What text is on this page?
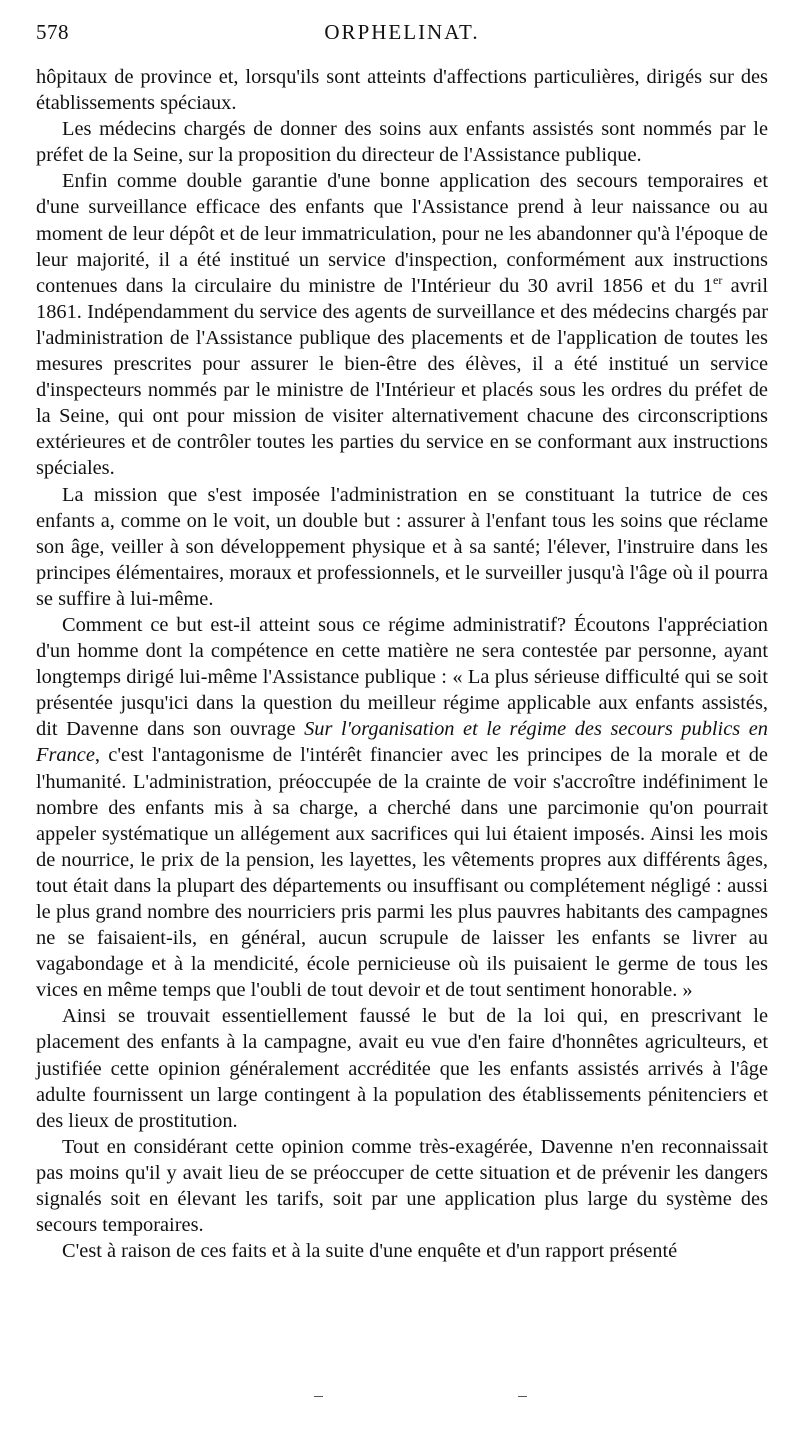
578	ORPHELINAT.

hôpitaux de province et, lorsqu'ils sont atteints d'affections particulières, dirigés sur des établissements spéciaux.

Les médecins chargés de donner des soins aux enfants assistés sont nommés par le préfet de la Seine, sur la proposition du directeur de l'Assistance publique.

Enfin comme double garantie d'une bonne application des secours temporaires et d'une surveillance efficace des enfants que l'Assistance prend à leur naissance ou au moment de leur dépôt et de leur immatriculation, pour ne les abandonner qu'à l'époque de leur majorité, il a été institué un service d'inspection, conformément aux instructions contenues dans la circulaire du ministre de l'Intérieur du 30 avril 1856 et du 1er avril 1861. Indépendamment du service des agents de surveillance et des médecins chargés par l'administration de l'Assistance publique des placements et de l'application de toutes les mesures prescrites pour assurer le bien-être des élèves, il a été institué un service d'inspecteurs nommés par le ministre de l'Intérieur et placés sous les ordres du préfet de la Seine, qui ont pour mission de visiter alternativement chacune des circonscriptions extérieures et de contrôler toutes les parties du service en se conformant aux instructions spéciales.

La mission que s'est imposée l'administration en se constituant la tutrice de ces enfants a, comme on le voit, un double but : assurer à l'enfant tous les soins que réclame son âge, veiller à son développement physique et à sa santé; l'élever, l'instruire dans les principes élémentaires, moraux et professionnels, et le surveiller jusqu'à l'âge où il pourra se suffire à lui-même.

Comment ce but est-il atteint sous ce régime administratif? Écoutons l'appréciation d'un homme dont la compétence en cette matière ne sera contestée par personne, ayant longtemps dirigé lui-même l'Assistance publique : « La plus sérieuse difficulté qui se soit présentée jusqu'ici dans la question du meilleur régime applicable aux enfants assistés, dit Davenne dans son ouvrage Sur l'organisation et le régime des secours publics en France, c'est l'antagonisme de l'intérêt financier avec les principes de la morale et de l'humanité. L'administration, préoccupée de la crainte de voir s'accroître indéfiniment le nombre des enfants mis à sa charge, a cherché dans une parcimonie qu'on pourrait appeler systématique un allégement aux sacrifices qui lui étaient imposés. Ainsi les mois de nourrice, le prix de la pension, les layettes, les vêtements propres aux différents âges, tout était dans la plupart des départements ou insuffisant ou complétement négligé : aussi le plus grand nombre des nourriciers pris parmi les plus pauvres habitants des campagnes ne se faisaient-ils, en général, aucun scrupule de laisser les enfants se livrer au vagabondage et à la mendicité, école pernicieuse où ils puisaient le germe de tous les vices en même temps que l'oubli de tout devoir et de tout sentiment honorable. »

Ainsi se trouvait essentiellement faussé le but de la loi qui, en prescrivant le placement des enfants à la campagne, avait eu vue d'en faire d'honnêtes agriculteurs, et justifiée cette opinion généralement accréditée que les enfants assistés arrivés à l'âge adulte fournissent un large contingent à la population des établissements pénitenciers et des lieux de prostitution.

Tout en considérant cette opinion comme très-exagérée, Davenne n'en reconnaissait pas moins qu'il y avait lieu de se préoccuper de cette situation et de prévenir les dangers signalés soit en élevant les tarifs, soit par une application plus large du système des secours temporaires.

C'est à raison de ces faits et à la suite d'une enquête et d'un rapport présenté
